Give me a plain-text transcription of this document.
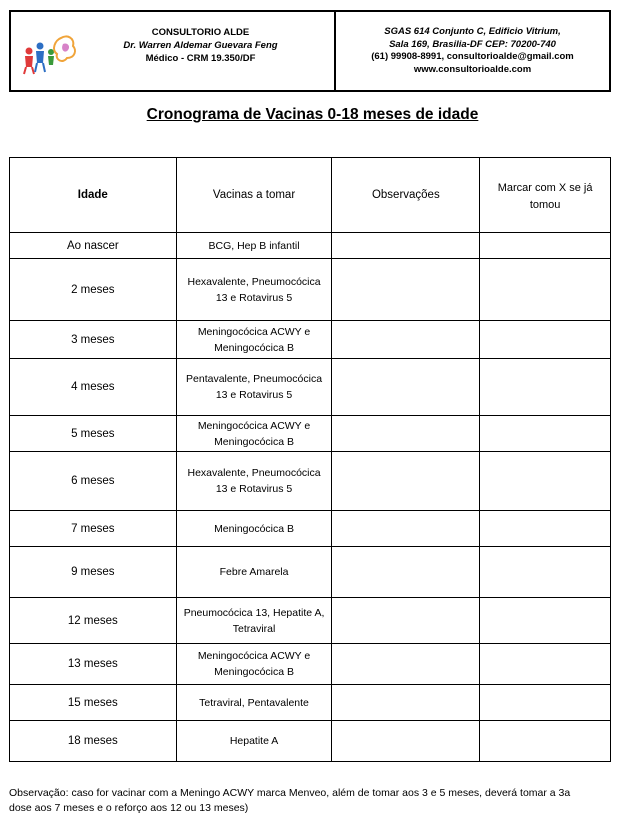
CONSULTORIO ALDE
Dr. Warren Aldemar Guevara Feng
Médico - CRM 19.350/DF
SGAS 614 Conjunto C, Edificio Vitrium,
Sala 169, Brasilia-DF CEP: 70200-740
(61) 99908-8991, consultorioalde@gmail.com
www.consultorioalde.com
Cronograma de Vacinas 0-18 meses de idade
Idade	Vacinas a tomar	Observações	Marcar com X se já
tomou

Ao nascer	BCG, Hep B infantil		

2 meses	Hexavalente, Pneumocócica
13 e Rotavirus 5		

3 meses	Meningocócica ACWY e
Meningocócica B		

4 meses	Pentavalente, Pneumocócica
13 e Rotavirus 5		

5 meses	Meningocócica ACWY e
Meningocócica B		

6 meses	Hexavalente, Pneumocócica
13 e Rotavirus 5		

7 meses	Meningocócica B		

9 meses	Febre Amarela		

12 meses	Pneumocócica 13, Hepatite A,
Tetraviral		

13 meses	Meningocócica ACWY e
Meningocócica B		

15 meses	Tetraviral, Pentavalente		

18 meses	Hepatite A		

Observação: caso for vacinar com a Meningo ACWY marca Menveo, além de tomar aos 3 e 5 meses, deverá tomar a 3a
dose aos 7 meses e o reforço aos 12 ou 13 meses)
